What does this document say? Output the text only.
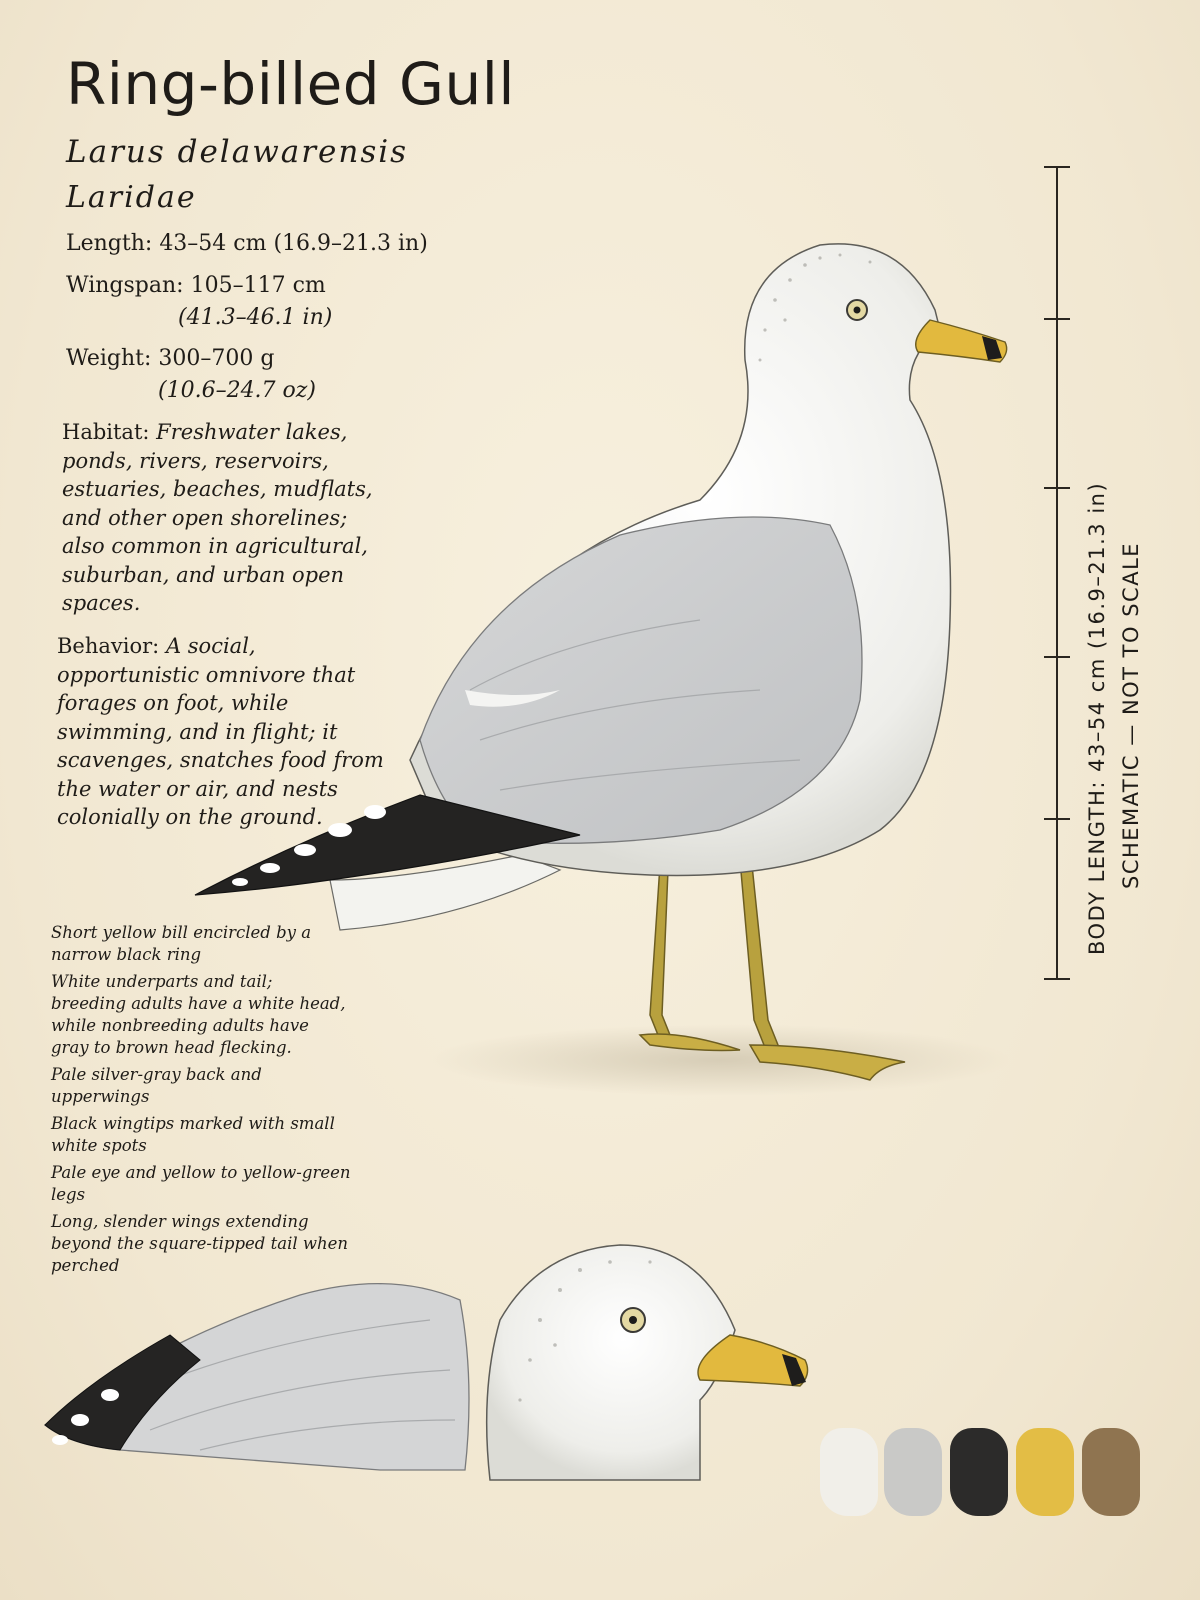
Ring-billed Gull
Larus delawarensis
Laridae
Length: 43–54 cm (16.9–21.3 in)
Wingspan: 105–117 cm
(41.3–46.1 in)
Weight: 300–700 g
(10.6–24.7 oz)
Habitat: Freshwater lakes, ponds, rivers, reservoirs, estuaries, beaches, mudflats, and other open shorelines; also common in agricultural, suburban, and urban open spaces.
Behavior: A social, opportunistic omnivore that forages on foot, while swimming, and in flight; it scavenges, snatches food from the water or air, and nests colonially on the ground.
Short yellow bill encircled by a narrow black ring
White underparts and tail; breeding adults have a white head, while nonbreeding adults have gray to brown head flecking.
Pale silver-gray back and upperwings
Black wingtips marked with small white spots
Pale eye and yellow to yellow-green legs
Long, slender wings extending beyond the square-tipped tail when perched
BODY LENGTH: 43–54 cm (16.9–21.3 in) SCHEMATIC — NOT TO SCALE
